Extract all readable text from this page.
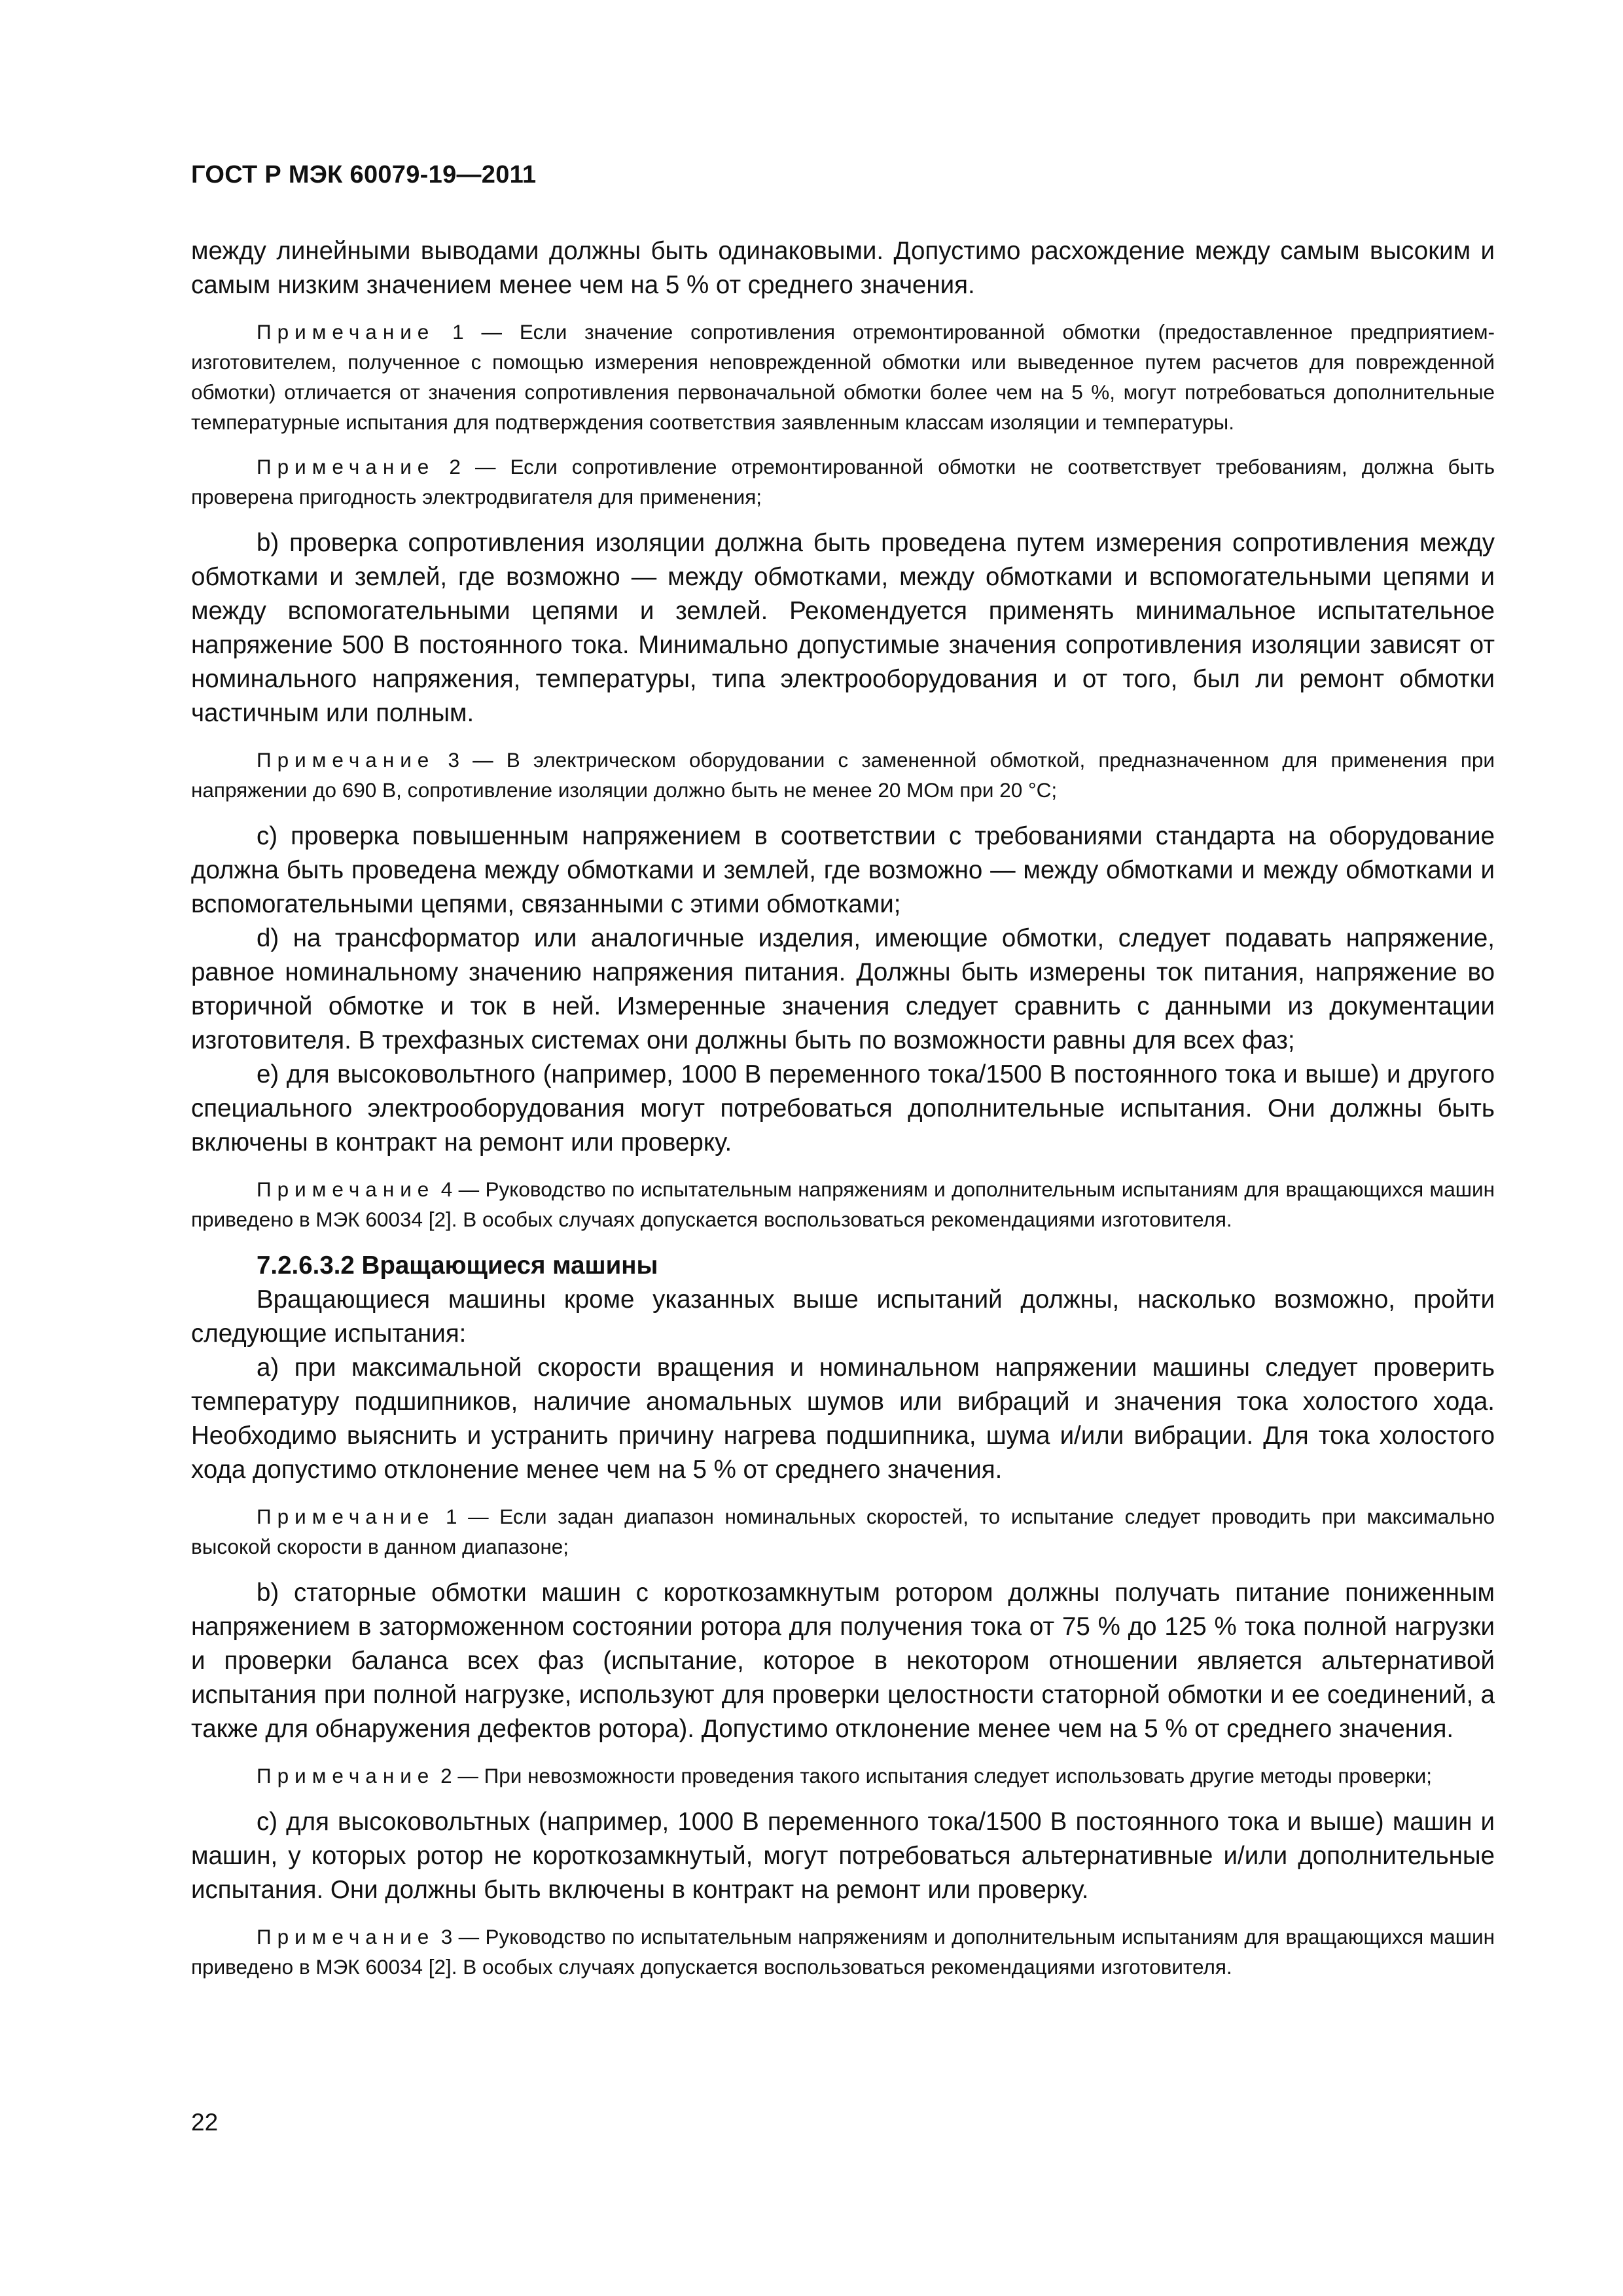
ГОСТ Р МЭК 60079-19—2011

между линейными выводами должны быть одинаковыми. Допустимо расхождение между самым высоким и самым низким значением менее чем на 5 % от среднего значения.

Примечание 1 — Если значение сопротивления отремонтированной обмотки (предоставленное предприятием-изготовителем, полученное с помощью измерения неповрежденной обмотки или выведенное путем расчетов для поврежденной обмотки) отличается от значения сопротивления первоначальной обмотки более чем на 5 %, могут потребоваться дополнительные температурные испытания для подтверждения соответствия заявленным классам изоляции и температуры.

Примечание 2 — Если сопротивление отремонтированной обмотки не соответствует требованиям, должна быть проверена пригодность электродвигателя для применения;

b) проверка сопротивления изоляции должна быть проведена путем измерения сопротивления между обмотками и землей, где возможно — между обмотками, между обмотками и вспомогательными цепями и между вспомогательными цепями и землей. Рекомендуется применять минимальное испытательное напряжение 500 В постоянного тока. Минимально допустимые значения сопротивления изоляции зависят от номинального напряжения, температуры, типа электрооборудования и от того, был ли ремонт обмотки частичным или полным.

Примечание 3 — В электрическом оборудовании с замененной обмоткой, предназначенном для применения при напряжении до 690 В, сопротивление изоляции должно быть не менее 20 МОм при 20 °С;

c) проверка повышенным напряжением в соответствии с требованиями стандарта на оборудование должна быть проведена между обмотками и землей, где возможно — между обмотками и между обмотками и вспомогательными цепями, связанными с этими обмотками;

d) на трансформатор или аналогичные изделия, имеющие обмотки, следует подавать напряжение, равное номинальному значению напряжения питания. Должны быть измерены ток питания, напряжение во вторичной обмотке и ток в ней. Измеренные значения следует сравнить с данными из документации изготовителя. В трехфазных системах они должны быть по возможности равны для всех фаз;

e) для высоковольтного (например, 1000 В переменного тока/1500 В постоянного тока и выше) и другого специального электрооборудования могут потребоваться дополнительные испытания. Они должны быть включены в контракт на ремонт или проверку.

Примечание 4 — Руководство по испытательным напряжениям и дополнительным испытаниям для вращающихся машин приведено в МЭК 60034 [2]. В особых случаях допускается воспользоваться рекомендациями изготовителя.

7.2.6.3.2 Вращающиеся машины

Вращающиеся машины кроме указанных выше испытаний должны, насколько возможно, пройти следующие испытания:

a) при максимальной скорости вращения и номинальном напряжении машины следует проверить температуру подшипников, наличие аномальных шумов или вибраций и значения тока холостого хода. Необходимо выяснить и устранить причину нагрева подшипника, шума и/или вибрации. Для тока холостого хода допустимо отклонение менее чем на 5 % от среднего значения.

Примечание 1 — Если задан диапазон номинальных скоростей, то испытание следует проводить при максимально высокой скорости в данном диапазоне;

b) статорные обмотки машин с короткозамкнутым ротором должны получать питание пониженным напряжением в заторможенном состоянии ротора для получения тока от 75 % до 125 % тока полной нагрузки и проверки баланса всех фаз (испытание, которое в некотором отношении является альтернативой испытания при полной нагрузке, используют для проверки целостности статорной обмотки и ее соединений, а также для обнаружения дефектов ротора). Допустимо отклонение менее чем на 5 % от среднего значения.

Примечание 2 — При невозможности проведения такого испытания следует использовать другие методы проверки;

c) для высоковольтных (например, 1000 В переменного тока/1500 В постоянного тока и выше) машин и машин, у которых ротор не короткозамкнутый, могут потребоваться альтернативные и/или дополнительные испытания. Они должны быть включены в контракт на ремонт или проверку.

Примечание 3 — Руководство по испытательным напряжениям и дополнительным испытаниям для вращающихся машин приведено в МЭК 60034 [2]. В особых случаях допускается воспользоваться рекомендациями изготовителя.

22
